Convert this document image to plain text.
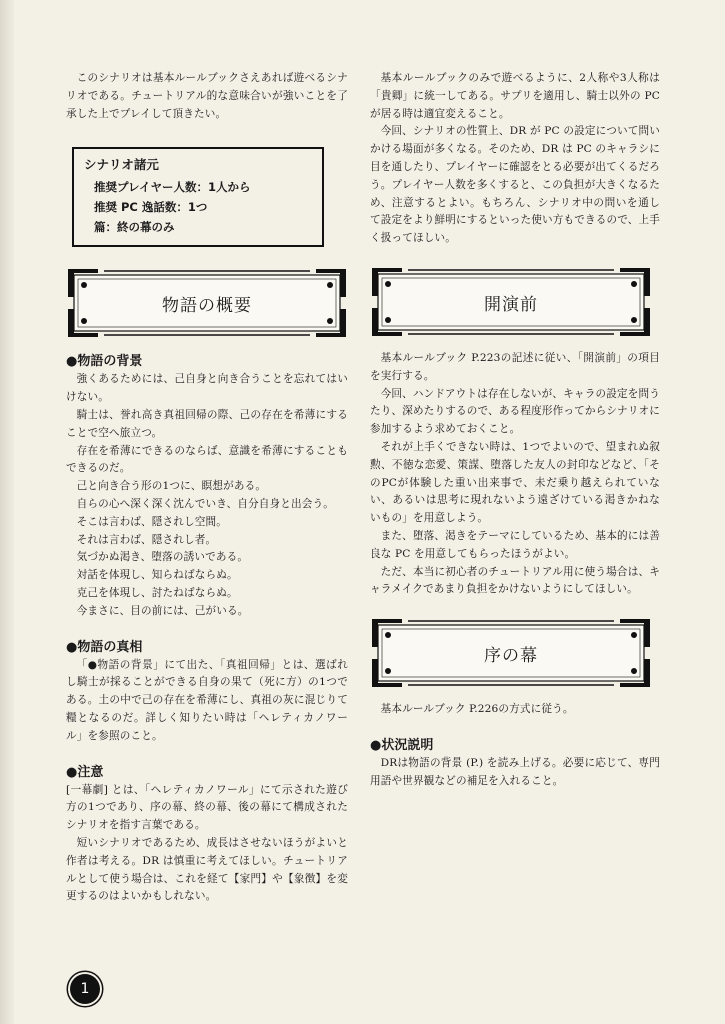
このシナリオは基本ルールブックさえあれば遊べるシナリオである。チュートリアル的な意味合いが強いことを了承した上でプレイして頂きたい。

シナリオ諸元
推奨プレイヤー人数：1人から
推奨 PC 逸話数：1つ
篇：終の幕のみ
物語の概要
●物語の背景

強くあるためには、己自身と向き合うことを忘れてはいけない。

騎士は、誉れ高き真祖回帰の際、己の存在を希薄にすることで空へ旅立つ。

存在を希薄にできるのならば、意識を希薄にすることもできるのだ。

己と向き合う形の1つに、瞑想がある。

自らの心へ深く深く沈んでいき、自分自身と出会う。

そこは言わば、隠されし空間。

それは言わば、隠されし者。

気づかぬ渇き、堕落の誘いである。

対話を体現し、知らねばならぬ。

克己を体現し、討たねばならぬ。

今まさに、目の前には、己がいる。

●物語の真相

「●物語の背景」にて出た、「真祖回帰」とは、選ばれし騎士が採ることができる自身の果て（死に方）の1つである。土の中で己の存在を希薄にし、真祖の灰に混じりて糧となるのだ。詳しく知りたい時は「ヘレティカノワール」を参照のこと。

●注意

[一幕劇] とは、「ヘレティカノワール」にて示された遊び方の1つであり、序の幕、終の幕、後の幕にて構成されたシナリオを指す言葉である。

短いシナリオであるため、成長はさせないほうがよいと作者は考える。DR は慎重に考えてほしい。チュートリアルとして使う場合は、これを経て【家門】や【象徴】を変更するのはよいかもしれない。

基本ルールブックのみで遊べるように、2人称や3人称は「貴卿」に統一してある。サプリを適用し、騎士以外の PC が居る時は適宜変えること。

今回、シナリオの性質上、DR が PC の設定について問いかける場面が多くなる。そのため、DR は PC のキャラシに目を通したり、プレイヤーに確認をとる必要が出てくるだろう。プレイヤー人数を多くすると、この負担が大きくなるため、注意するとよい。もちろん、シナリオ中の問いを通して設定をより鮮明にするといった使い方もできるので、上手く扱ってほしい。

開演前

基本ルールブック P.223の記述に従い、「開演前」の項目を実行する。

今回、ハンドアウトは存在しないが、キャラの設定を問うたり、深めたりするので、ある程度形作ってからシナリオに参加するよう求めておくこと。

それが上手くできない時は、1つでよいので、望まれぬ叙勲、不徳な恋愛、策謀、堕落した友人の封印などなど、「そのPCが体験した重い出来事で、未だ乗り越えられていない、あるいは思考に現れないよう遠ざけている渇きかねないもの」を用意しよう。

また、堕落、渇きをテーマにしているため、基本的には善良な PC を用意してもらったほうがよい。

ただ、本当に初心者のチュートリアル用に使う場合は、キャラメイクであまり負担をかけないようにしてほしい。

序の幕

基本ルールブック P.226の方式に従う。

●状況説明

DRは物語の背景 (P.) を読み上げる。必要に応じて、専門用語や世界観などの補足を入れること。

1
